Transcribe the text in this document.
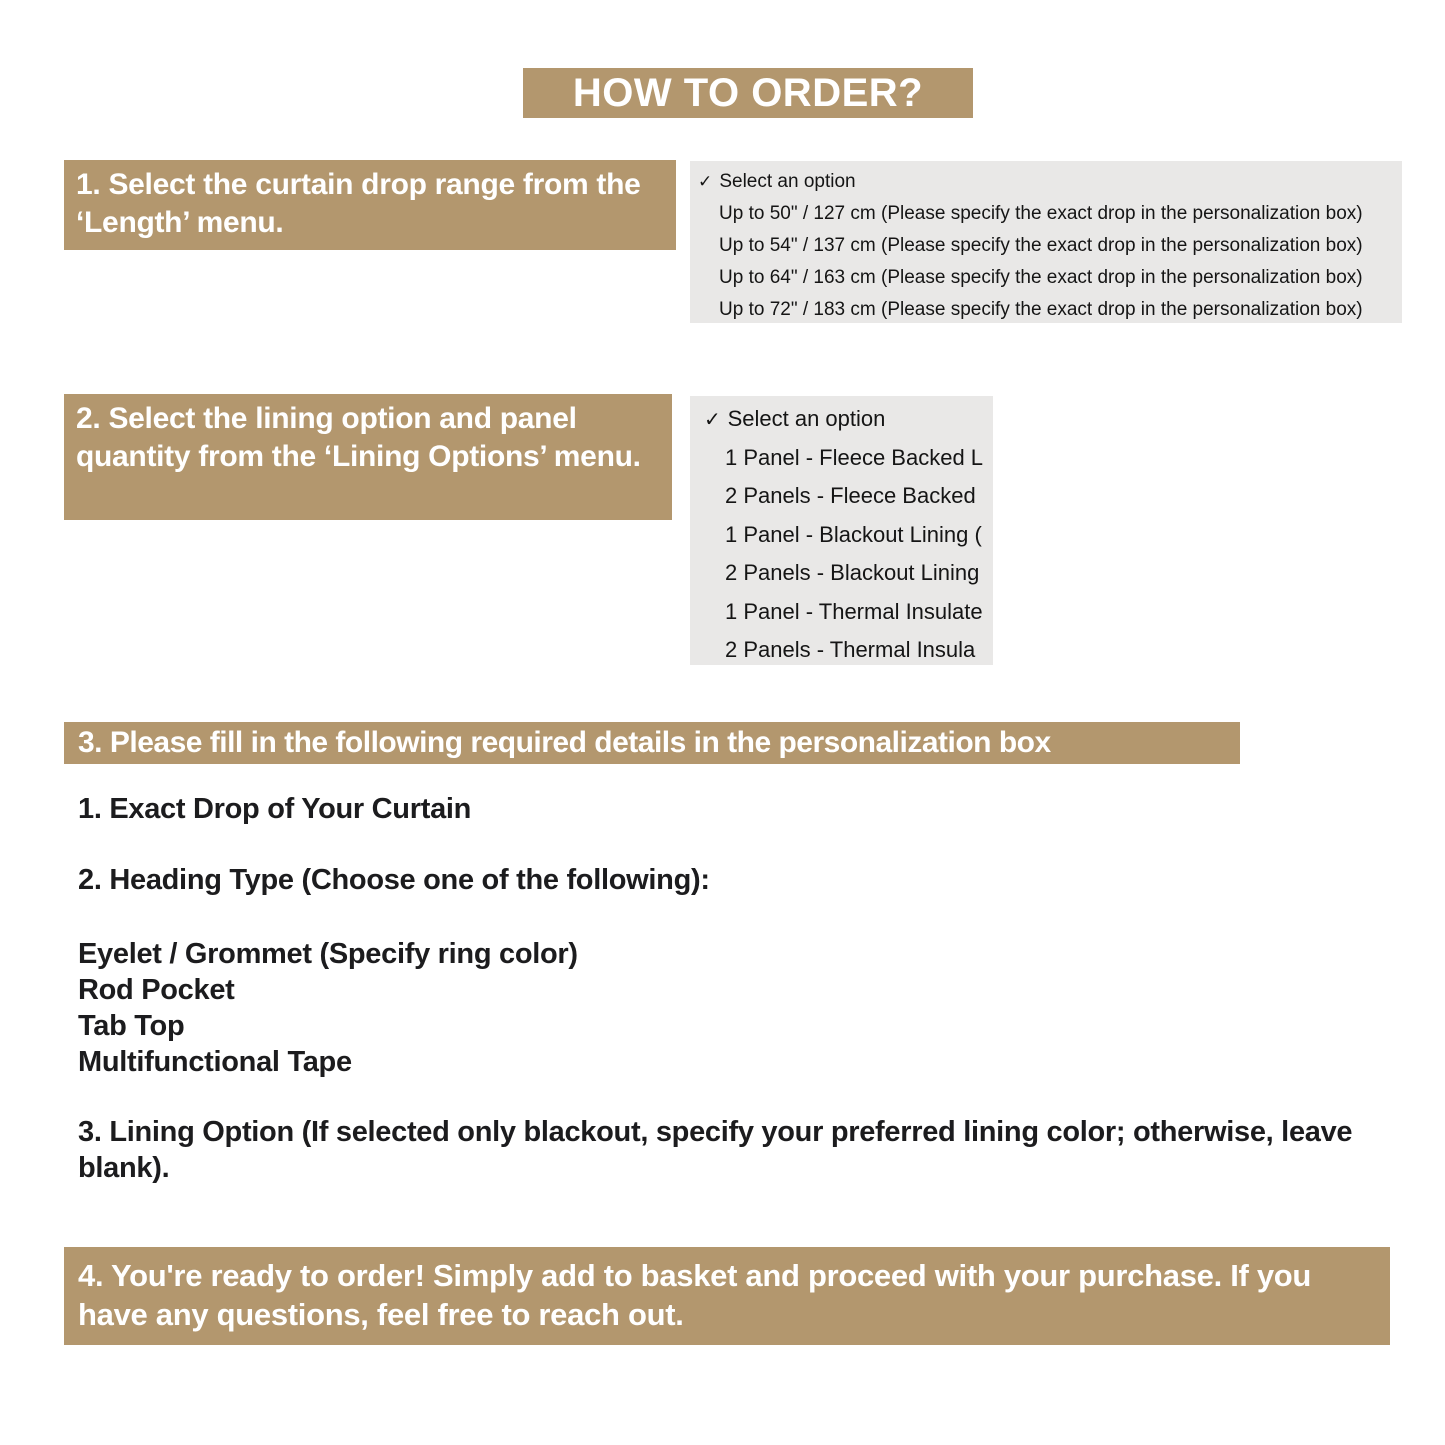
HOW TO ORDER?
1. Select the curtain drop range from the ‘Length’ menu.
✓ Select an option
Up to 50" / 127 cm (Please specify the exact drop in the personalization box)
Up to 54" / 137 cm (Please specify the exact drop in the personalization box)
Up to 64" / 163 cm (Please specify the exact drop in the personalization box)
Up to 72" / 183 cm (Please specify the exact drop in the personalization box)
2. Select the lining option and panel quantity from the ‘Lining Options’ menu.
✓ Select an option
1 Panel - Fleece Backed L
2 Panels - Fleece Backed
1 Panel - Blackout Lining (
2 Panels - Blackout Lining
1 Panel - Thermal Insulate
2 Panels - Thermal Insula
3. Please fill in the following required details in the personalization box
1. Exact Drop of Your Curtain
2. Heading Type (Choose one of the following):
Eyelet / Grommet (Specify ring color)
Rod Pocket
Tab Top
Multifunctional Tape
3. Lining Option (If selected only blackout, specify your preferred lining color; otherwise, leave blank).
4. You're ready to order! Simply add to basket and proceed with your purchase. If you have any questions, feel free to reach out.
